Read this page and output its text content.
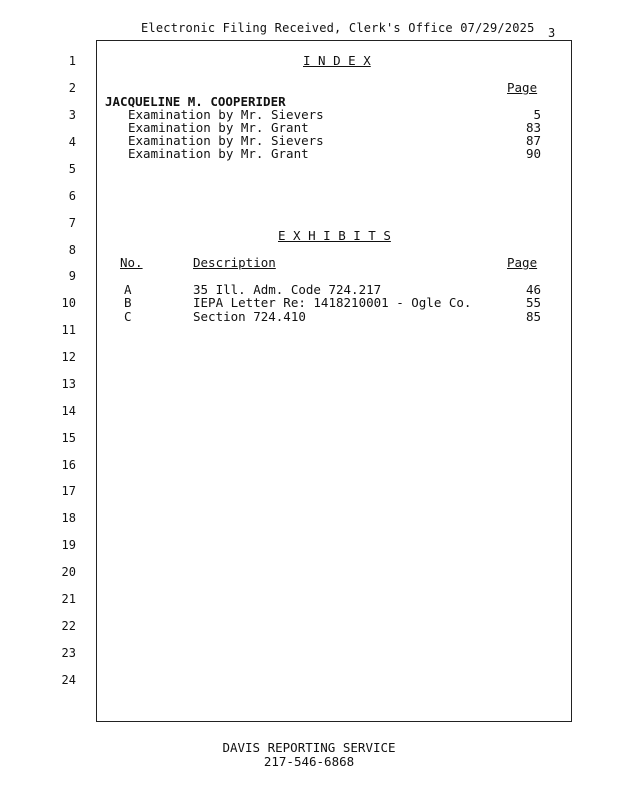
Electronic Filing Received, Clerk's Office 07/29/2025 3
1
2
3
4
5
6
7
8
9
10
11
12
13
14
15
16
17
18
19
20
21
22
23
24
I N D E X
Page
JACQUELINE M. COOPERIDER
Examination by Mr. Sievers	5
Examination by Mr. Grant	83
Examination by Mr. Sievers	87
Examination by Mr. Grant	90
E X H I B I T S
No.	Description	Page
A	35 Ill. Adm. Code 724.217	46
B	IEPA Letter Re: 1418210001 - Ogle Co.	55
C	Section 724.410	85
DAVIS REPORTING SERVICE
217-546-6868
